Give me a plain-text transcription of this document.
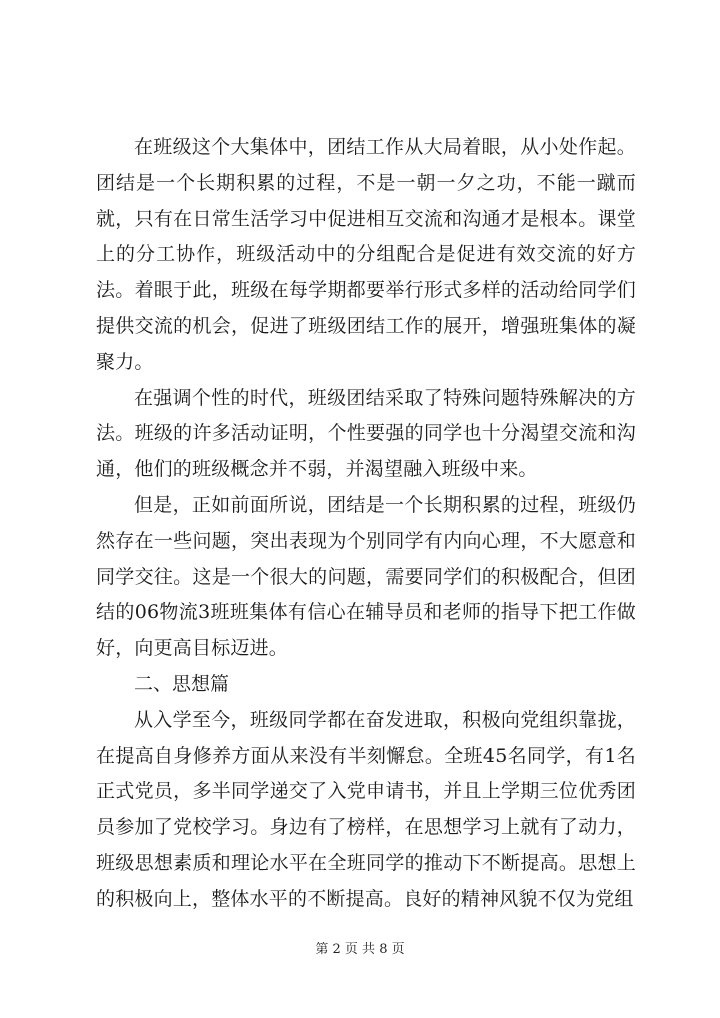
在班级这个大集体中，团结工作从大局着眼，从小处作起。团结是一个长期积累的过程，不是一朝一夕之功，不能一蹴而就，只有在日常生活学习中促进相互交流和沟通才是根本。课堂上的分工协作，班级活动中的分组配合是促进有效交流的好方法。着眼于此，班级在每学期都要举行形式多样的活动给同学们提供交流的机会，促进了班级团结工作的展开，增强班集体的凝聚力。

在强调个性的时代，班级团结采取了特殊问题特殊解决的方法。班级的许多活动证明，个性要强的同学也十分渴望交流和沟通，他们的班级概念并不弱，并渴望融入班级中来。

但是，正如前面所说，团结是一个长期积累的过程，班级仍然存在一些问题，突出表现为个别同学有内向心理，不大愿意和同学交往。这是一个很大的问题，需要同学们的积极配合，但团结的06物流3班班集体有信心在辅导员和老师的指导下把工作做好，向更高目标迈进。

二、思想篇

从入学至今，班级同学都在奋发进取，积极向党组织靠拢，在提高自身修养方面从来没有半刻懈怠。全班45名同学，有1名正式党员，多半同学递交了入党申请书，并且上学期三位优秀团员参加了党校学习。身边有了榜样，在思想学习上就有了动力，班级思想素质和理论水平在全班同学的推动下不断提高。思想上的积极向上，整体水平的不断提高。良好的精神风貌不仅为党组

第 2 页 共 8 页
